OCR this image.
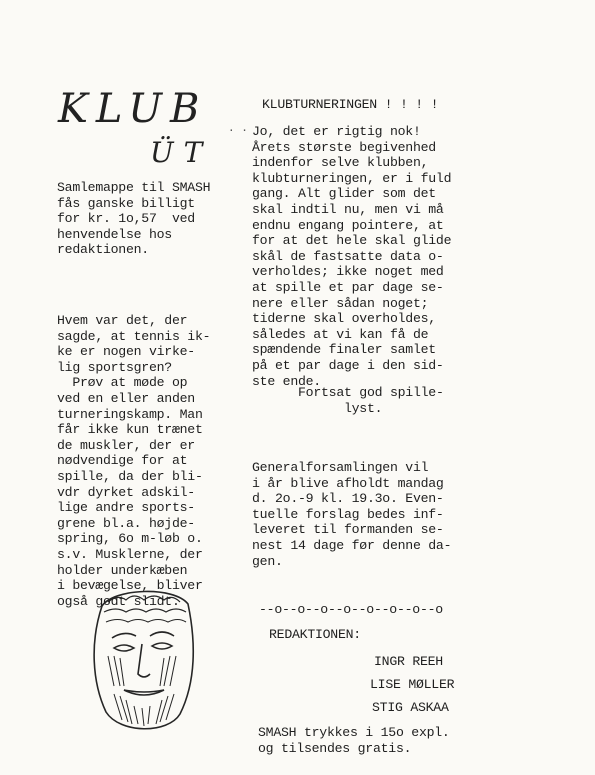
KLUB
ÜT
· ·

Samlemappe til SMASH
fås ganske billigt
for kr. 1o,57  ved
henvendelse hos
redaktionen.

Hvem var det, der
sagde, at tennis ik-
ke er nogen virke-
lig sportsgren?
Prøv at møde op
ved en eller anden
turneringskamp. Man
får ikke kun trænet
de muskler, der er
nødvendige for at
spille, da der bli-
vdr dyrket adskil-
lige andre sports-
grene bl.a. højde-
spring, 6o m-løb o.
s.v. Musklerne, der
holder underkæben
i bevægelse, bliver
også godt slidt.

KLUBTURNERINGEN ! ! ! !

Jo, det er rigtig nok!
Årets største begivenhed
indenfor selve klubben,
klubturneringen, er i fuld
gang. Alt glider som det
skal indtil nu, men vi må
endnu engang pointere, at
for at det hele skal glide
skål de fastsatte data o-
verholdes; ikke noget med
at spille et par dage se-
nere eller sådan noget;
tiderne skal overholdes,
således at vi kan få de
spændende finaler samlet
på et par dage i den sid-
ste ende.

Fortsat god spille-
lyst.

Generalforsamlingen vil
i år blive afholdt mandag
d. 2o.-9 kl. 19.3o. Even-
tuelle forslag bedes inf-
leveret til formanden se-
nest 14 dage før denne da-
gen.

--o--o--o--o--o--o--o--o

REDAKTIONEN:

INGR REEH

LISE MØLLER

STIG ASKAA

SMASH trykkes i 15o expl.
og tilsendes gratis.
